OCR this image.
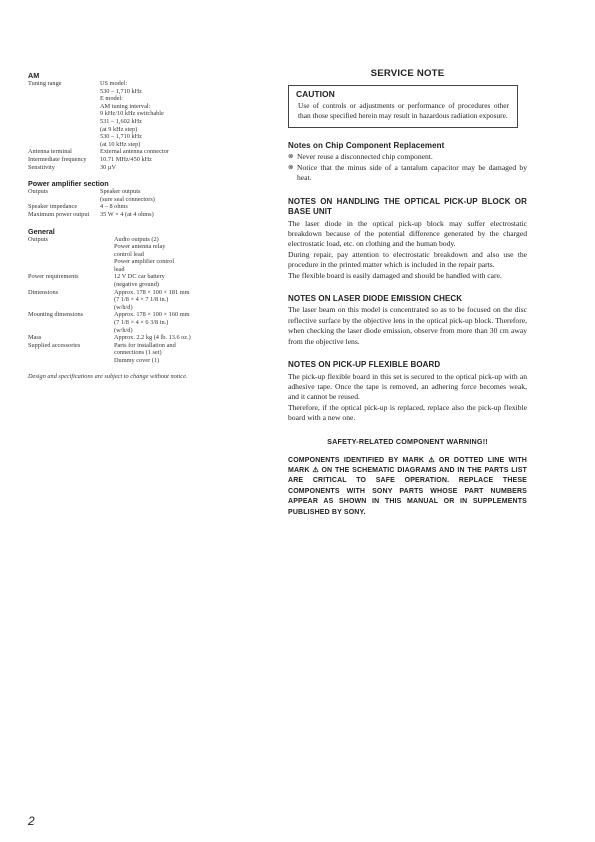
AM
Tuning range	US model:
530 – 1,710 kHz
E model:
AM tuning interval:
9 kHz/10 kHz switchable
531 – 1,602 kHz
(at 9 kHz step)
530 – 1,710 kHz
(at 10 kHz step)
Antenna terminal	External antenna connector
Intermediate frequency	10.71 MHz/450 kHz
Sensitivity	30 µV
Power amplifier section
Outputs	Speaker outputs
(sure seal connectors)
Speaker impedance	4 – 8 ohms
Maximum power output	35 W × 4 (at 4 ohms)
General
Outputs	Audio outputs (2)
Power antenna relay
control lead
Power amplifier control
lead
Power requirements	12 V DC car battery
(negative ground)
Dimensions	Approx. 178 × 100 × 181 mm
(7 1/8 × 4 × 7 1/8 in.)
(w/h/d)
Mounting dimensions	Approx. 178 × 100 × 160 mm
(7 1/8 × 4 × 6 3/8 in.)
(w/h/d)
Mass	Approx. 2.2 kg (4 lb. 13.6 oz.)
Supplied accessories	Parts for installation and
connections (1 set)
Dummy cover (1)
Design and specifications are subject to change without notice.
SERVICE NOTE
CAUTION

Use of controls or adjustments or performance of procedures other than those specified herein may result in hazardous radiation exposure.

Notes on Chip Component Replacement
⊗ Never reuse a disconnected chip component.
⊗ Notice that the minus side of a tantalum capacitor may be damaged by heat.
NOTES ON HANDLING THE OPTICAL PICK-UP BLOCK OR BASE UNIT

The laser diode in the optical pick-up block may suffer electrostatic breakdown because of the potential difference generated by the charged electrostatic load, etc. on clothing and the human body.

During repair, pay attention to electrostatic breakdown and also use the procedure in the printed matter which is included in the repair parts.

The flexible board is easily damaged and should be handled with care.

NOTES ON LASER DIODE EMISSION CHECK

The laser beam on this model is concentrated so as to be focused on the disc reflective surface by the objective lens in the optical pick-up block. Therefore, when checking the laser diode emission, observe from more than 30 cm away from the objective lens.

NOTES ON PICK-UP FLEXIBLE BOARD

The pick-up flexible board in this set is secured to the optical pick-up with an adhesive tape. Once the tape is removed, an adhering force becomes weak, and it cannot be reused.

Therefore, if the optical pick-up is replaced, replace also the pick-up flexible board with a new one.

SAFETY-RELATED COMPONENT WARNING!!

COMPONENTS IDENTIFIED BY MARK ⚠ OR DOTTED LINE WITH MARK ⚠ ON THE SCHEMATIC DIAGRAMS AND IN THE PARTS LIST ARE CRITICAL TO SAFE OPERATION. REPLACE THESE COMPONENTS WITH SONY PARTS WHOSE PART NUMBERS APPEAR AS SHOWN IN THIS MANUAL OR IN SUPPLEMENTS PUBLISHED BY SONY.

2
